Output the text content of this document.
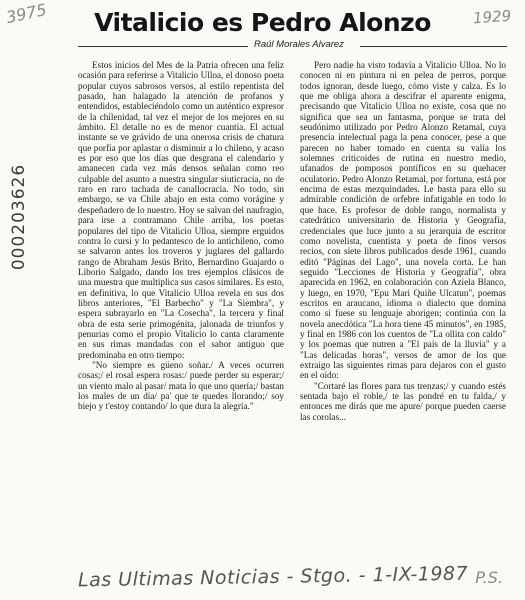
3975	1929
000203626
Vitalicio es Pedro Alonzo
Raúl Morales Alvarez

Estos inicios del Mes de la Patria ofrecen una feliz ocasión para referirse a Vitalicio Ulloa, el donoso poeta popular cuyos sabrosos versos, al estilo repentista del pasado, han halagado la atención de profanos y entendidos, estableciéndolo como un auténtico expresor de la chilenidad, tal vez el mejor de los mejores en su ámbito. El detalle no es de menor cuantía. El actual instante se ve grávido de una onerosa crisis de chatura que porfía por aplastar o disminuir a lo chileno, y acaso es por eso que los días que desgrana el calendario y amanecen cada vez más densos señalan como reo culpable del asunto a nuestra singular siuticracia, no de raro en raro tachada de canallocracia. No todo, sin embargo, se va Chile abajo en esta como vorágine y despeñadero de lo nuestro. Hoy se salvan del naufragio, para irse a contramano Chile arriba, los poetas populares del tipo de Vitalicio Ulloa, siempre erguidos contra lo cursi y lo pedantesco de lo antichileno, como se salvaron antes los troveros y juglares del gallardo rango de Abraham Jesús Brito, Bernardino Guajardo o Liborio Salgado, dando los tres ejemplos clásicos de una muestra que multiplica sus casos similares. Es esto, en definitiva, lo que Vitalicio Ulloa revela en sus dos libros anteriores, "El Barbecho" y "La Siembra", y espera subrayarlo en "La Cosecha", la tercera y final obra de esta serie primogénita, jalonada de triunfos y penurias como el propio Vitalicio lo canta claramente en sus rimas mandadas con el sabor antiguo que predominaba en otro tiempo:

"No siempre es güeno soñar./ A veces ocurren cosas;/ el rosal espera rosas:/ puede perder su esperar;/ un viento malo al pasar/ mata lo que uno quería;/ bastan los males de un día/ pa' que te quedes llorando;/ soy biejo y t'estoy contando/ lo que dura la alegría."

Pero nadie ha visto todavía a Vitalicio Ulloa. No lo conocen ni en pintura ni en pelea de perros, porque todos ignoran, desde luego, cómo viste y calza. Es lo que me obliga ahora a descifrar el aparente enigma, precisando que Vitalicio Ulloa no existe, cosa que no significa que sea un fantasma, porque se trata del seudónimo utilizado por Pedro Alonzo Retamal, cuya presencia intelectual paga la pena conocer, pese a que parecen no haber tomado en cuenta su valía los solemnes criticoides de rutina en nuestro medio, ufanados de pomposos pontíficos en su quehacer oculatorio. Pedro Alonzo Retamal, por fortuna, está por encima de estas mezquindades. Le basta para ello su admirable condición de orfebre infatigable en todo lo que hace. Es profesor de doble rango, normalista y catedrático universitario de Historia y Geografía, credenciales que luce junto a su jerarquía de escritor como novelista, cuentista y poeta de finos versos recios, con siete libros publicados desde 1961, cuando editó "Páginas del Lago", una novela corta. Le han seguido "Lecciones de Historia y Geografía", obra aparecida en 1962, en colaboración con Aziela Blanco, y luego, en 1970, "Epu Mari Quiñe Ulcatun", poemas escritos en araucano, idioma o dialecto que domina como si fuese su lenguaje aborigen; continúa con la novela anecdótica "La hora tiene 45 minutos", en 1985, y final en 1986 con los cuentos de "La ollita con caldo" y los poemas que nutren a "El país de la lluvia" y a "Las delicadas horas", versos de amor de los que extraigo las siguientes rimas para dejaros con el gusto en el oído:

"Cortaré las flores para tus trenzas;/ y cuando estés sentada bajo el roble,/ te las pondré en tu falda,/ y entonces me dirás que me apure/ porque pueden caerse las corolas...

Las Ultimas Noticias - Stgo. - 1-IX-1987 P.S.
